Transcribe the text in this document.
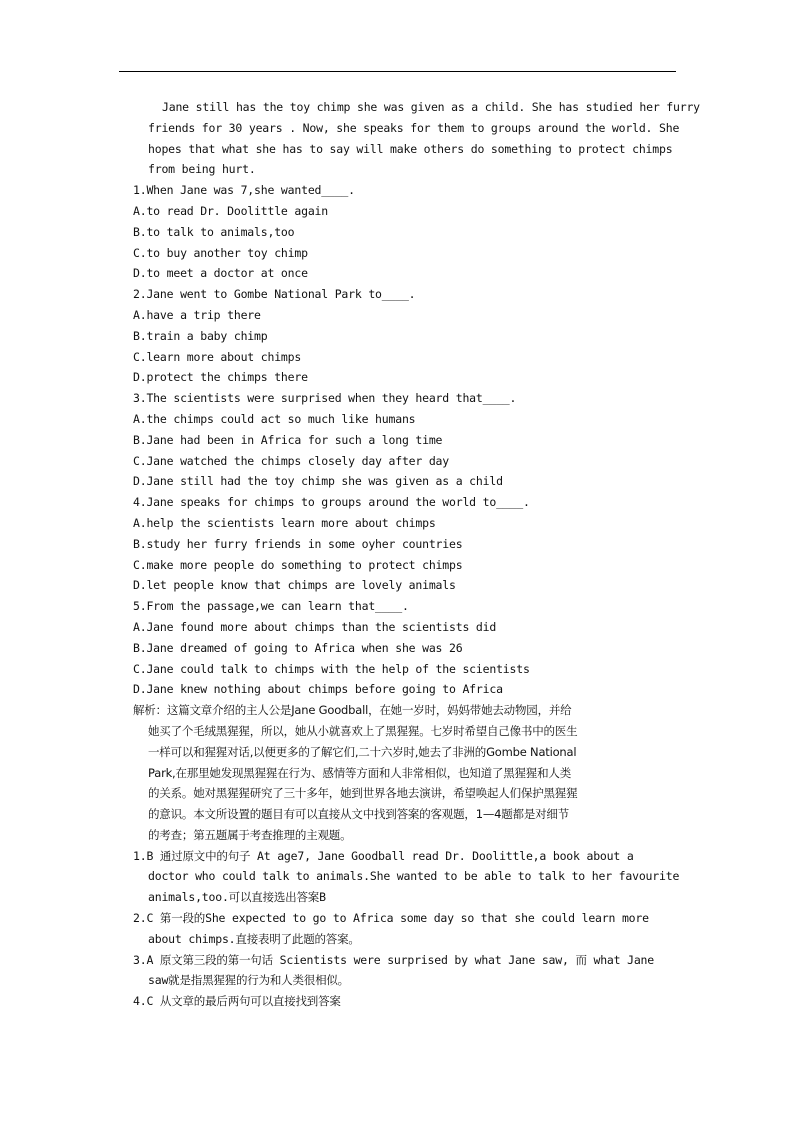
Jane still has the toy chimp she was given as a child. She has studied her furry
friends for 30 years . Now, she speaks for them to groups around the world. She
hopes that what she has to say will make others do something to protect chimps
from being hurt.
1.When Jane was 7,she wanted____.
A.to read Dr. Doolittle again
B.to talk to animals,too
C.to buy another toy chimp
D.to meet a doctor at once
2.Jane went to Gombe National Park to____.
A.have a trip there
B.train a baby chimp
C.learn more about chimps
D.protect the chimps there
3.The scientists were surprised when they heard that____.
A.the chimps could act so much like humans
B.Jane had been in Africa for such a long time
C.Jane watched the chimps closely day after day
D.Jane still had the toy chimp she was given as a child
4.Jane speaks for chimps to groups around the world to____.
A.help the scientists learn more about chimps
B.study her furry friends in some oyher countries
C.make more people do something to protect chimps
D.let people know that chimps are lovely animals
5.From the passage,we can learn that____.
A.Jane found more about chimps than the scientists did
B.Jane dreamed of going to Africa when she was 26
C.Jane could talk to chimps with the help of the scientists
D.Jane knew nothing about chimps before going to Africa
解析：这篇文章介绍的主人公是Jane Goodball，在她一岁时，妈妈带她去动物园，并给
她买了个毛绒黑猩猩，所以，她从小就喜欢上了黑猩猩。七岁时希望自己像书中的医生
一样可以和猩猩对话,以便更多的了解它们,二十六岁时,她去了非洲的Gombe National
Park,在那里她发现黑猩猩在行为、感情等方面和人非常相似，也知道了黑猩猩和人类
的关系。她对黑猩猩研究了三十多年，她到世界各地去演讲，希望唤起人们保护黑猩猩
的意识。本文所设置的题目有可以直接从文中找到答案的客观题，1—4题都是对细节
的考查；第五题属于考查推理的主观题。
1.B 通过原文中的句子 At age7, Jane Goodball read Dr. Doolittle,a book about a
doctor who could talk to animals.She wanted to be able to talk to her favourite
animals,too.可以直接选出答案B
2.C 第一段的She expected to go to Africa some day so that she could learn more
about chimps.直接表明了此题的答案。
3.A 原文第三段的第一句话 Scientists were surprised by what Jane saw, 而 what Jane
saw就是指黑猩猩的行为和人类很相似。
4.C 从文章的最后两句可以直接找到答案
